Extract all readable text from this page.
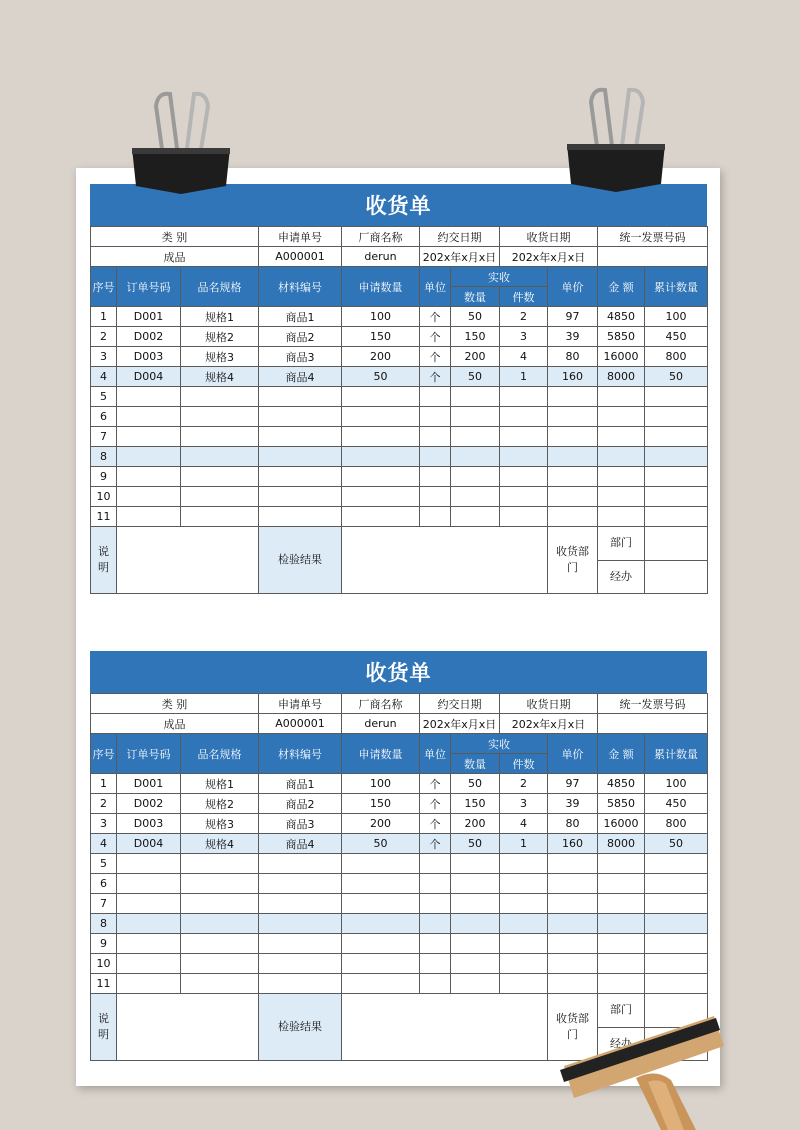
收货单
类 别			申请单号	厂商名称	约交日期		收货日期		统一发票号码	
成品			A000001	derun	202x年x月x日		202x年x月x日			
序号	订单号码	品名规格	材料编号	申请数量	单位	实收		单价	金 额	累计数量
						数量	件数			
1	D001	规格1	商品1	100	个	50	2	97	4850	100
2	D002	规格2	商品2	150	个	150	3	39	5850	450
3	D003	规格3	商品3	200	个	200	4	80	16000	800
4	D004	规格4	商品4	50	个	50	1	160	8000	50
5										
6										
7										
8										
9										
10										
11										
说明			检验结果					收货部门	部门	
									经办	
收货单
类 别			申请单号	厂商名称	约交日期		收货日期		统一发票号码	
成品			A000001	derun	202x年x月x日		202x年x月x日			
序号	订单号码	品名规格	材料编号	申请数量	单位	实收		单价	金 额	累计数量
						数量	件数			
1	D001	规格1	商品1	100	个	50	2	97	4850	100
2	D002	规格2	商品2	150	个	150	3	39	5850	450
3	D003	规格3	商品3	200	个	200	4	80	16000	800
4	D004	规格4	商品4	50	个	50	1	160	8000	50
5										
6										
7										
8										
9										
10										
11										
说明			检验结果					收货部门	部门	
									经办	
